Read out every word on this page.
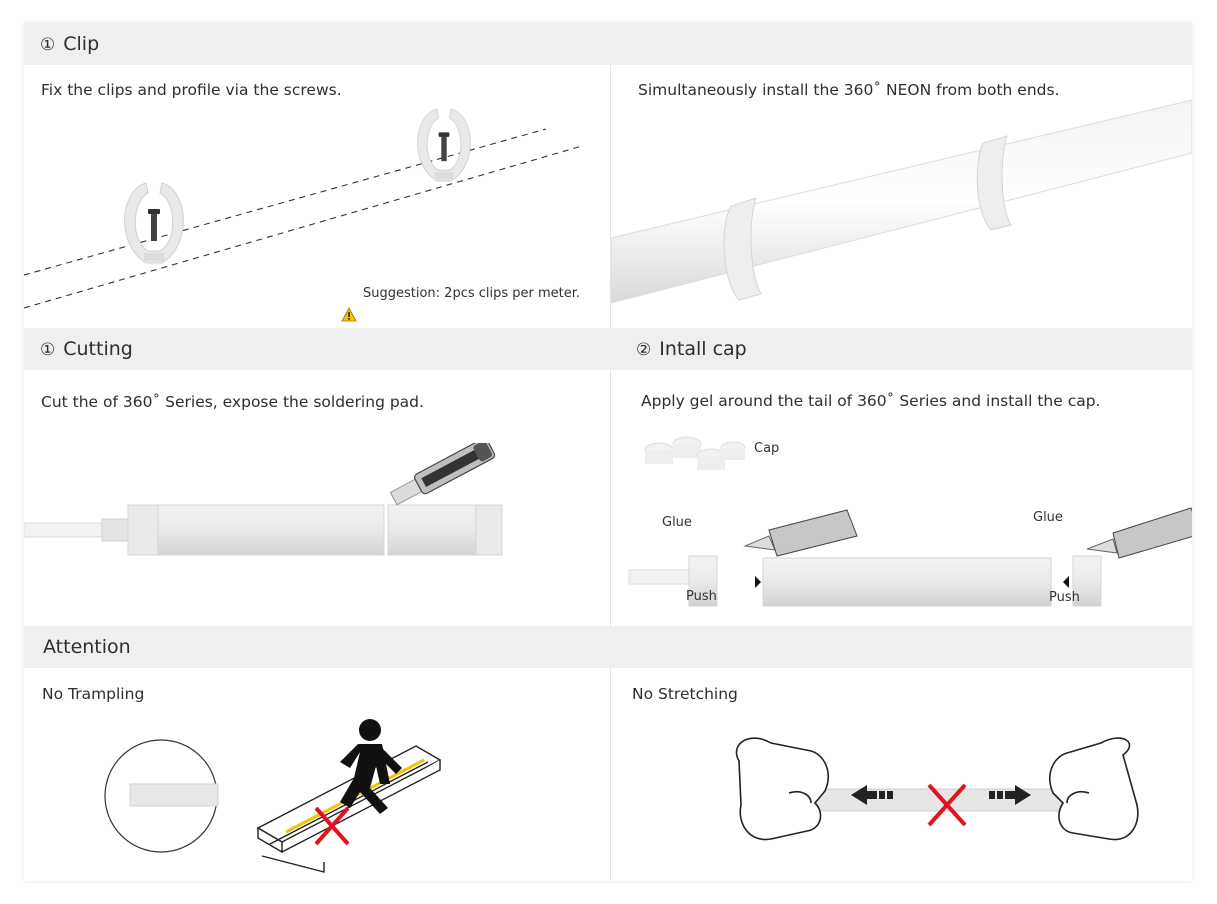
① Clip
Fix the clips and profile via the screws.
Suggestion: 2pcs clips per meter.
Simultaneously install the 360˚ NEON from both ends.
① Cutting	② Intall cap
Cut the of 360˚ Series, expose the soldering pad.	Apply gel around the tail of 360˚ Series and install the cap.
Cap
Glue	Glue
Push	Push
Attention
No Trampling	No Stretching
